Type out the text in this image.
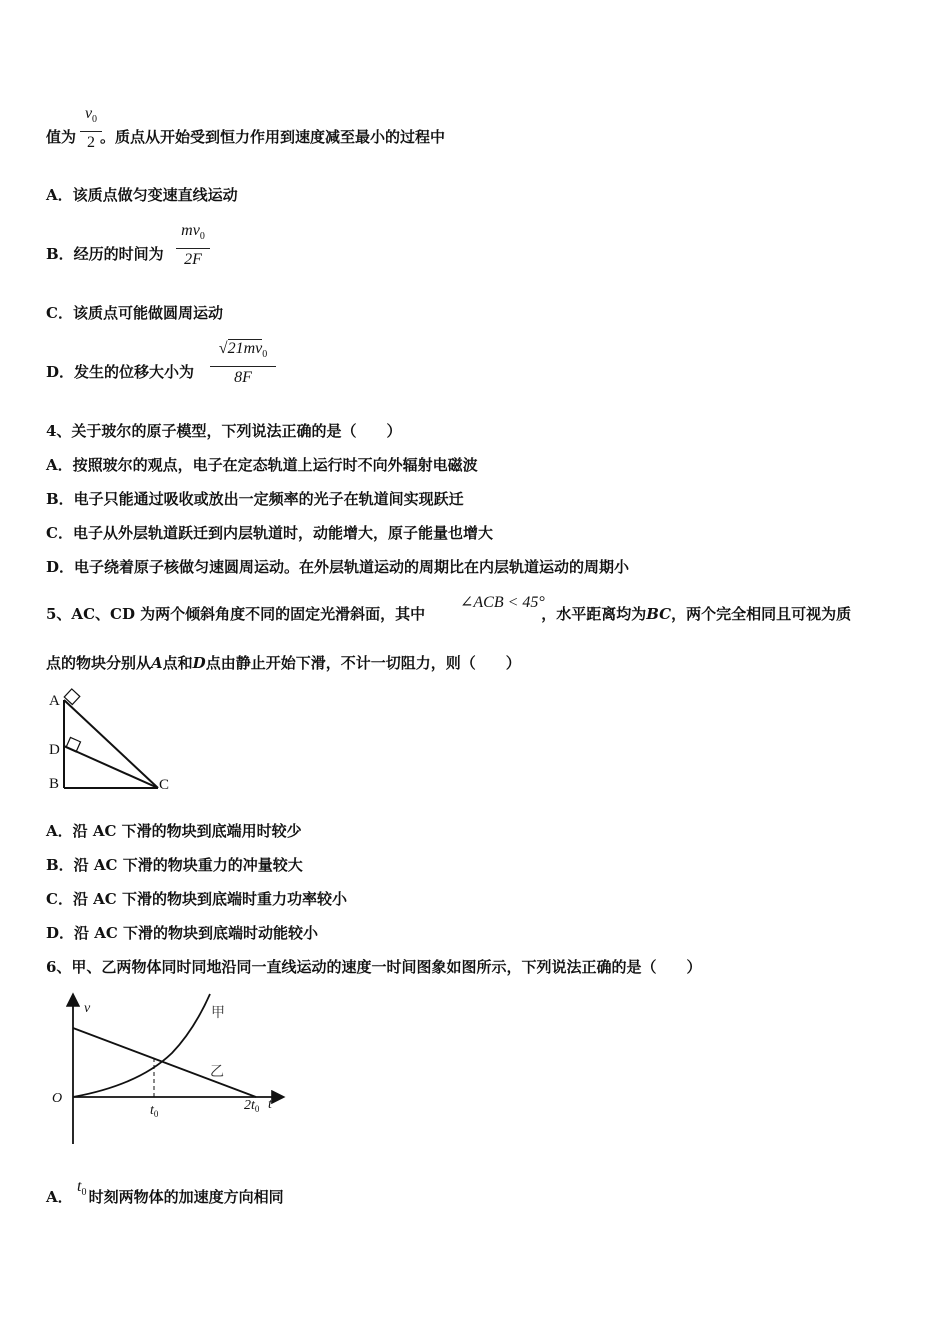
值为 。质点从开始受到恒力作用到速度减至最小的过程中
$v_0$
2
A．该质点做匀变速直线运动
B．经历的时间为
$mv_0$
2F
C．该质点可能做圆周运动
D．发生的位移大小为
$√21mv_0$
8F
4、关于玻尔的原子模型，下列说法正确的是（　　）
A．按照玻尔的观点，电子在定态轨道上运行时不向外辐射电磁波
B．电子只能通过吸收或放出一定频率的光子在轨道间实现跃迁
C．电子从外层轨道跃迁到内层轨道时，动能增大，原子能量也增大
D．电子绕着原子核做匀速圆周运动。在外层轨道运动的周期比在内层轨道运动的周期小
5、AC、CD 为两个倾斜角度不同的固定光滑斜面，其中	，水平距离均为BC，两个完全相同且可视为质
∠ACB < 45°
点的物块分别从A点和D点由静止开始下滑，不计一切阻力，则（　　）
A
D
B	C
A．沿 AC 下滑的物块到底端用时较少
B．沿 AC 下滑的物块重力的冲量较大
C．沿 AC 下滑的物块到底端时重力功率较小
D．沿 AC 下滑的物块到底端时动能较小
6、甲、乙两物体同时同地沿同一直线运动的速度一时间图象如图所示，下列说法正确的是（　　）
v
O
$t_0$
$2t_0$ t
甲
乙
A． 时刻两物体的加速度方向相同
$t_0$
